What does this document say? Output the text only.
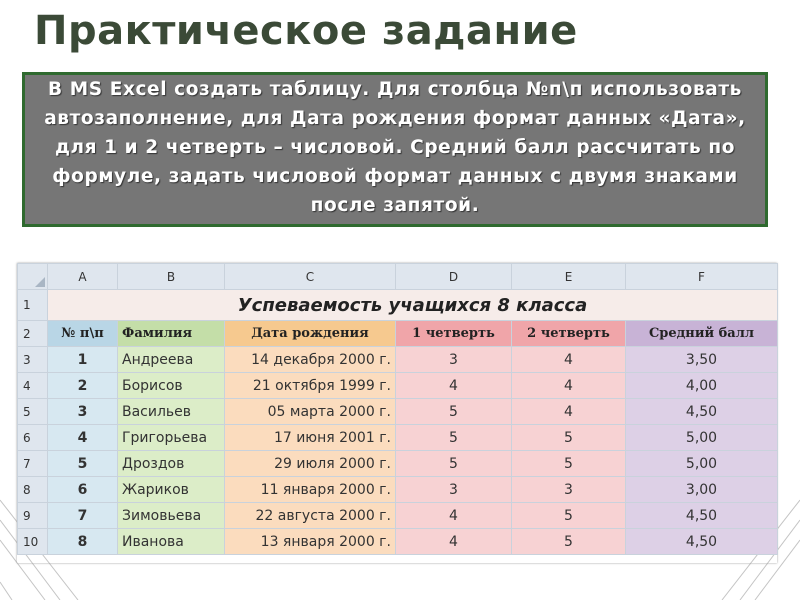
Практическое задание

В MS Excel создать таблицу. Для столбца №п\п использовать автозаполнение, для Дата рождения формат данных «Дата», для 1 и 2 четверть – числовой. Средний балл рассчитать по формуле, задать числовой формат данных с двумя знаками после запятой.

	A	B	C	D	E	F
1	Успеваемость учащихся 8 класса					
2	№ п\п	Фамилия	Дата рождения	1 четверть	2 четверть	Средний балл
3	1	Андреева	14 декабря 2000 г.	3	4	3,50
4	2	Борисов	21 октября 1999 г.	4	4	4,00
5	3	Васильев	05 марта 2000 г.	5	4	4,50
6	4	Григорьева	17 июня 2001 г.	5	5	5,00
7	5	Дроздов	29 июля 2000 г.	5	5	5,00
8	6	Жариков	11 января 2000 г.	3	3	3,00
9	7	Зимовьева	22 августа 2000 г.	4	5	4,50
10	8	Иванова	13 января 2000 г.	4	5	4,50
